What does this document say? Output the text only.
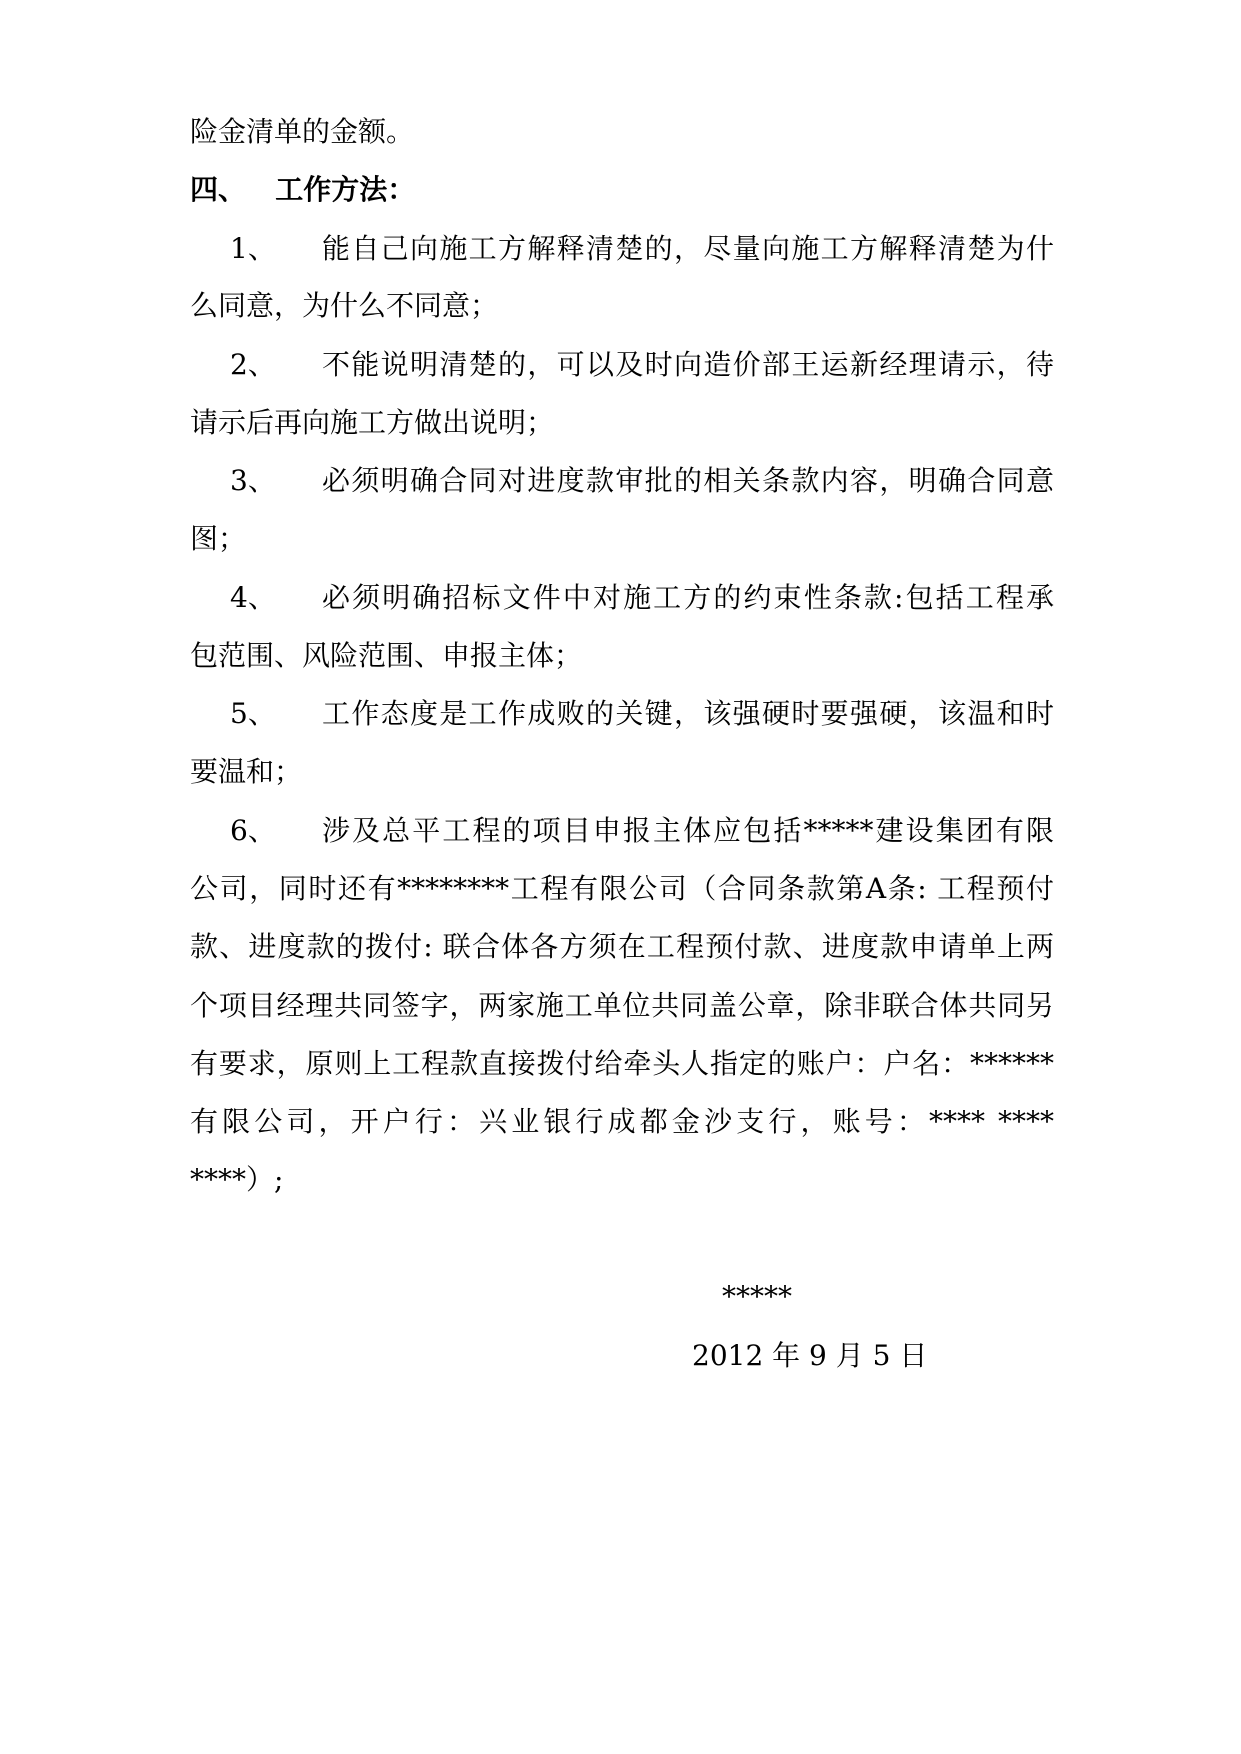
险金清单的金额。
四、   工作方法：
1、 能自己向施工方解释清楚的，尽量向施工方解释清楚为什
么同意，为什么不同意；
2、 不能说明清楚的，可以及时向造价部王运新经理请示，待
请示后再向施工方做出说明；
3、 必须明确合同对进度款审批的相关条款内容，明确合同意
图；
4、 必须明确招标文件中对施工方的约束性条款:包括工程承
包范围、风险范围、申报主体；
5、 工作态度是工作成败的关键，该强硬时要强硬，该温和时
要温和；
6、 涉及总平工程的项目申报主体应包括*****建设集团有限
公司，同时还有********工程有限公司（合同条款第A条: 工程预付
款、进度款的拨付: 联合体各方须在工程预付款、进度款申请单上两
个项目经理共同签字，两家施工单位共同盖公章，除非联合体共同另
有要求，原则上工程款直接拨付给牵头人指定的账户：户名：******
有限公司，开户行：兴业银行成都金沙支行，账号：**** ****
****）;
*****
2012 年 9 月 5 日
